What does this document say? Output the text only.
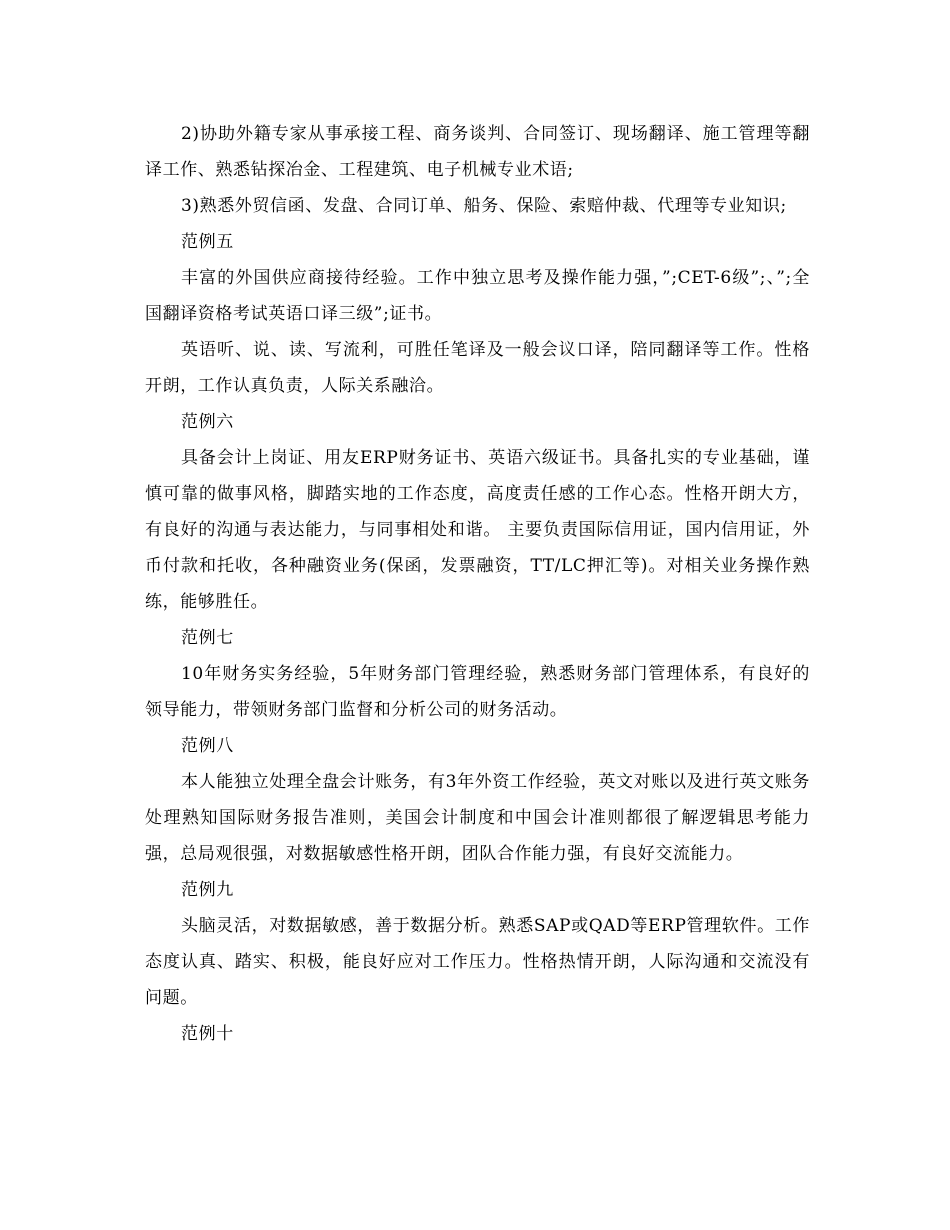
2)协助外籍专家从事承接工程、商务谈判、合同签订、现场翻译、施工管理等翻译工作、熟悉钻探冶金、工程建筑、电子机械专业术语;

3)熟悉外贸信函、发盘、合同订单、船务、保险、索赔仲裁、代理等专业知识;

范例五

丰富的外国供应商接待经验。工作中独立思考及操作能力强，”;CET-6级”;、”;全国翻译资格考试英语口译三级”;证书。

英语听、说、读、写流利，可胜任笔译及一般会议口译，陪同翻译等工作。性格开朗，工作认真负责，人际关系融洽。

范例六

具备会计上岗证、用友ERP财务证书、英语六级证书。具备扎实的专业基础，谨慎可靠的做事风格，脚踏实地的工作态度，高度责任感的工作心态。性格开朗大方，有良好的沟通与表达能力，与同事相处和谐。 主要负责国际信用证，国内信用证，外币付款和托收，各种融资业务(保函，发票融资，TT/LC押汇等)。对相关业务操作熟练，能够胜任。

范例七

10年财务实务经验，5年财务部门管理经验，熟悉财务部门管理体系，有良好的领导能力，带领财务部门监督和分析公司的财务活动。

范例八

本人能独立处理全盘会计账务，有3年外资工作经验，英文对账以及进行英文账务处理熟知国际财务报告准则，美国会计制度和中国会计准则都很了解逻辑思考能力强，总局观很强，对数据敏感性格开朗，团队合作能力强，有良好交流能力。

范例九

头脑灵活，对数据敏感，善于数据分析。熟悉SAP或QAD等ERP管理软件。工作态度认真、踏实、积极，能良好应对工作压力。性格热情开朗，人际沟通和交流没有问题。

范例十
